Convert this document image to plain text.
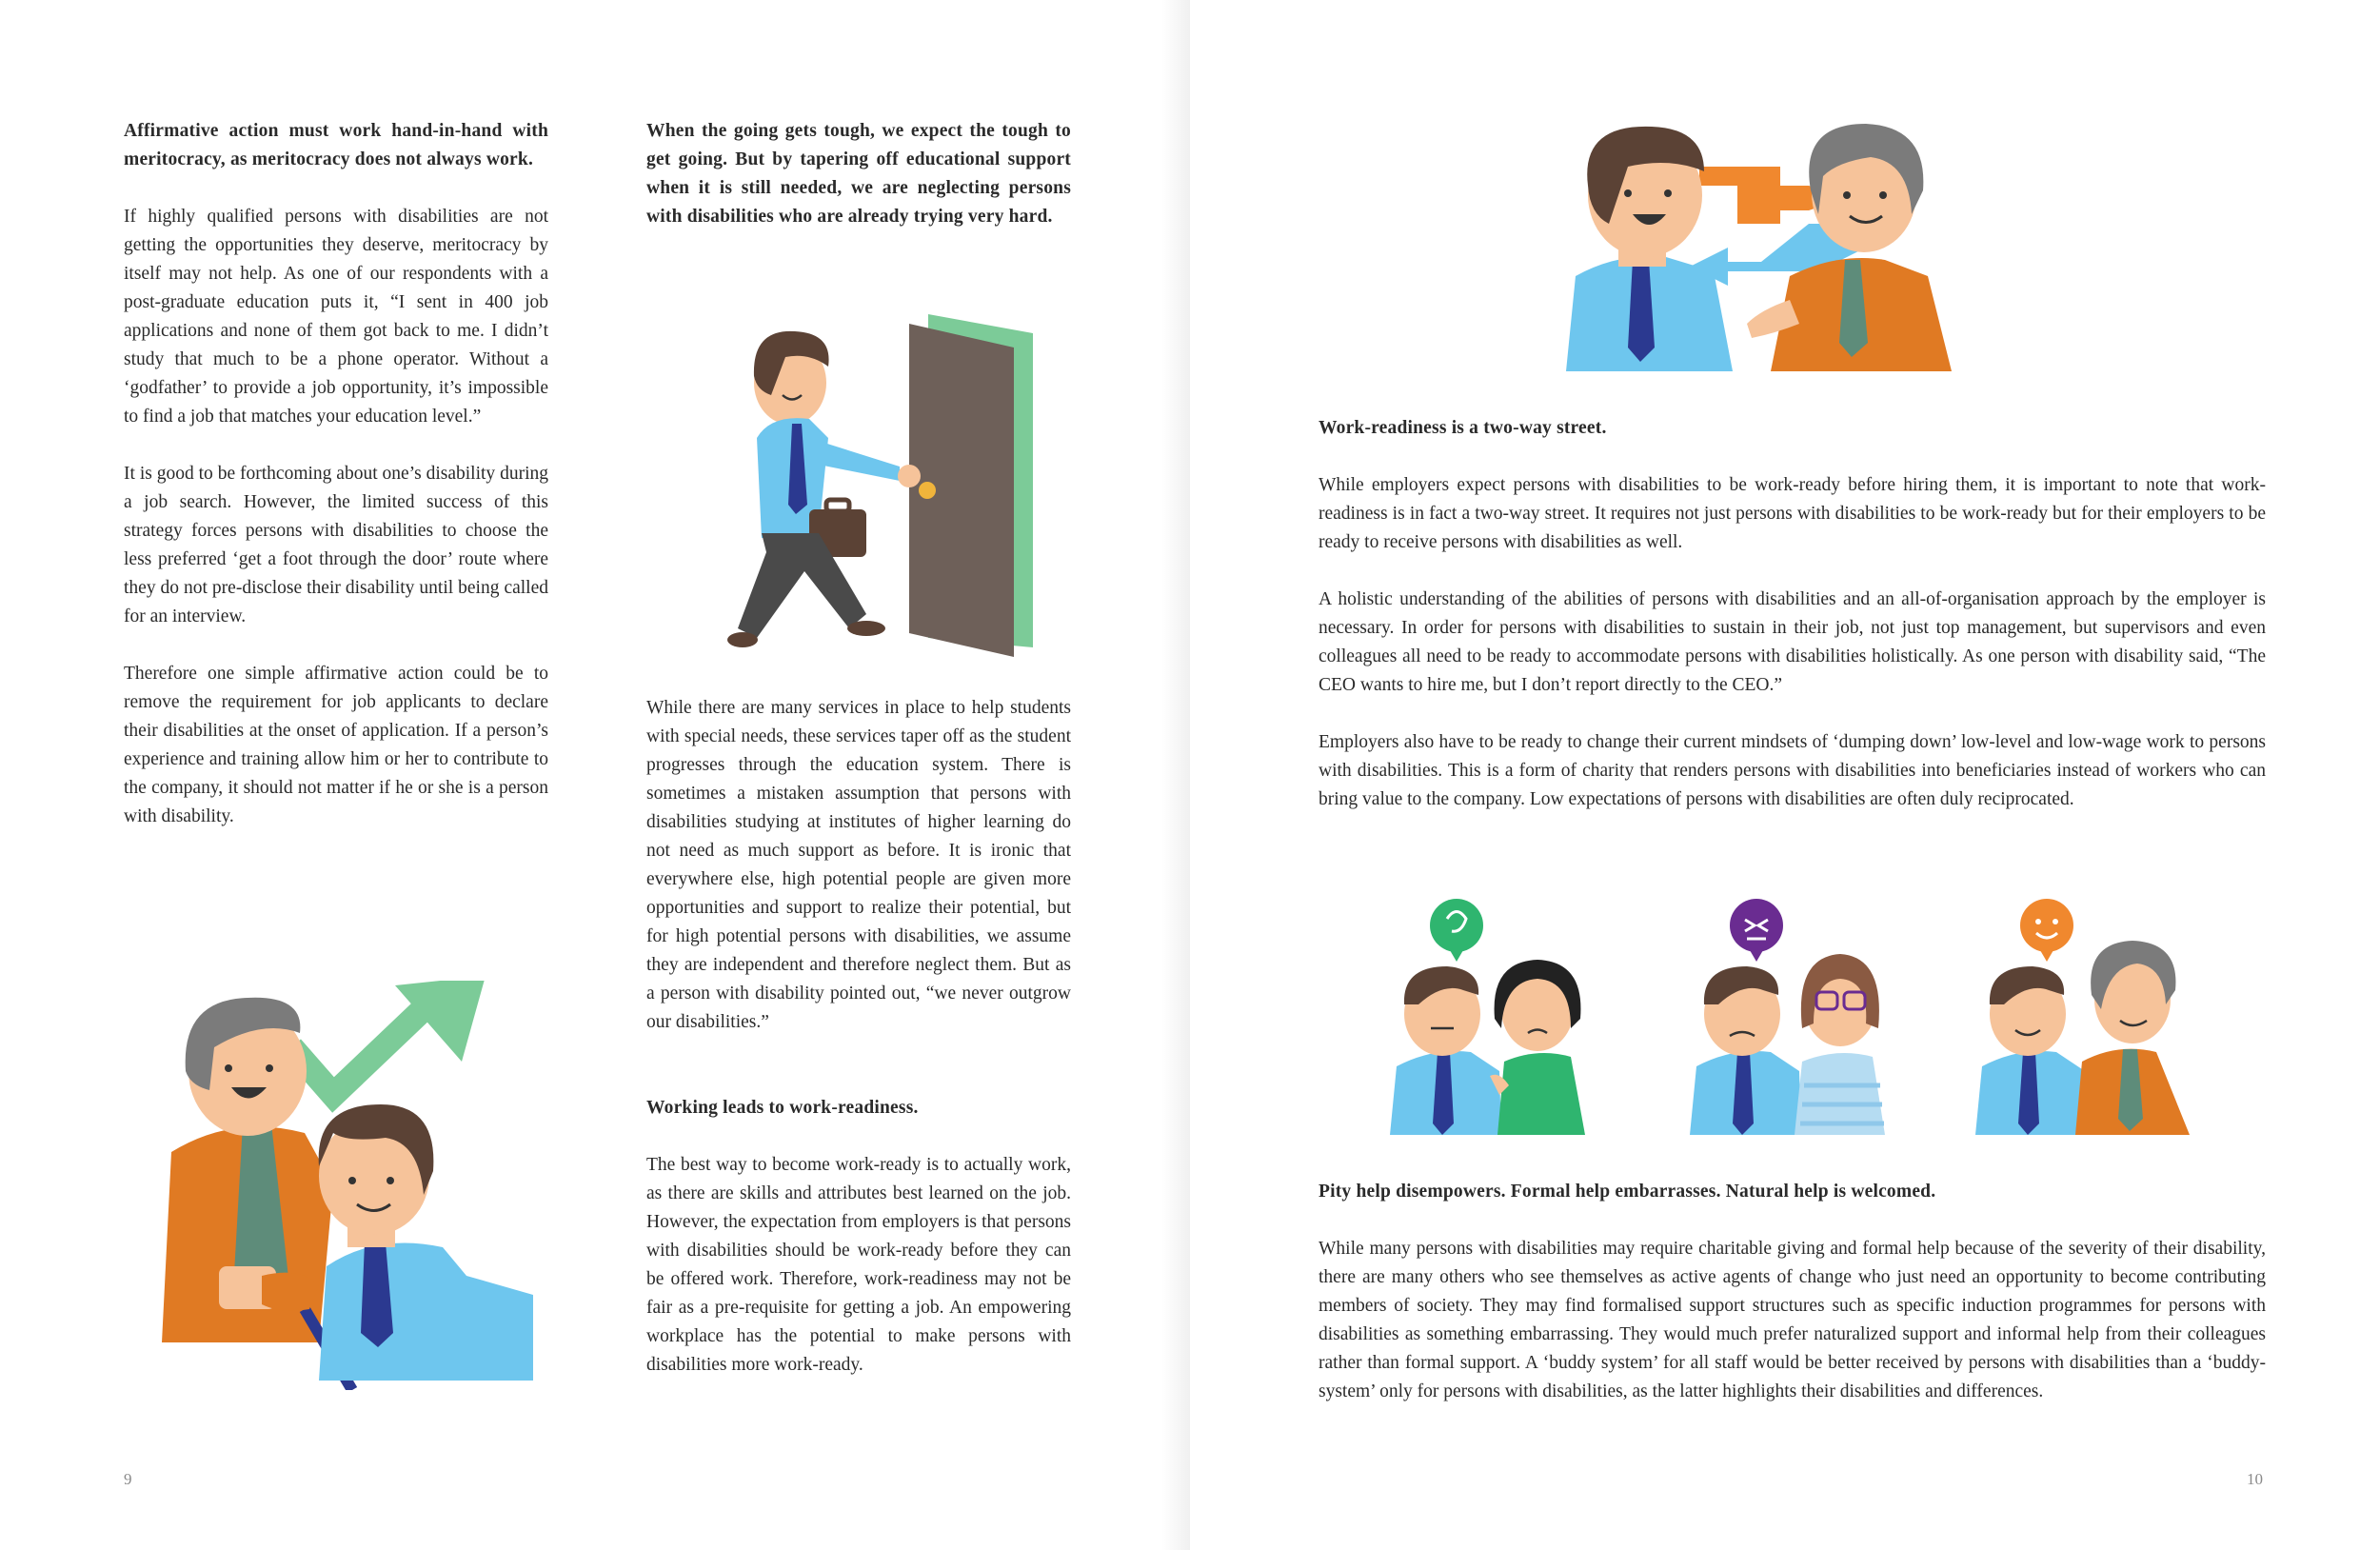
Affirmative action must work hand-in-hand with meritocracy, as meritocracy does not always work.

If highly qualified persons with disabilities are not getting the opportunities they deserve, meritocracy by itself may not help. As one of our respondents with a post-graduate education puts it, “I sent in 400 job applications and none of them got back to me. I didn’t study that much to be a phone operator. Without a ‘godfather’ to provide a job opportunity, it’s impossible to find a job that matches your education level.”

It is good to be forthcoming about one’s disability during a job search. However, the limited success of this strategy forces persons with disabilities to choose the less preferred ‘get a foot through the door’ route where they do not pre-disclose their disability until being called for an interview.

Therefore one simple affirmative action could be to remove the requirement for job applicants to declare their disabilities at the onset of application. If a person’s experience and training allow him or her to contribute to the company, it should not matter if he or she is a person with disability.

When the going gets tough, we expect the tough to get going. But by tapering off educational support when it is still needed, we are neglecting persons with disabilities who are already trying very hard.

While there are many services in place to help students with special needs, these services taper off as the student progresses through the education system. There is sometimes a mistaken assumption that persons with disabilities studying at institutes of higher learning do not need as much support as before. It is ironic that everywhere else, high potential people are given more opportunities and support to realize their potential, but for high potential persons with disabilities, we assume they are independent and therefore neglect them. But as a person with disability pointed out, “we never outgrow our disabilities.”

Working leads to work-readiness.

The best way to become work-ready is to actually work, as there are skills and attributes best learned on the job. However, the expectation from employers is that persons with disabilities should be work-ready before they can be offered work. Therefore, work-readiness may not be fair as a pre-requisite for getting a job. An empowering workplace has the potential to make persons with disabilities more work-ready.

Work-readiness is a two-way street.

While employers expect persons with disabilities to be work-ready before hiring them, it is important to note that work-readiness is in fact a two-way street. It requires not just persons with disabilities to be work-ready but for their employers to be ready to receive persons with disabilities as well.

A holistic understanding of the abilities of persons with disabilities and an all-of-organisation approach by the employer is necessary. In order for persons with disabilities to sustain in their job, not just top management, but supervisors and even colleagues all need to be ready to accommodate persons with disabilities holistically. As one person with disability said, “The CEO wants to hire me, but I don’t report directly to the CEO.”

Employers also have to be ready to change their current mindsets of ‘dumping down’ low-level and low-wage work to persons with disabilities. This is a form of charity that renders persons with disabilities into beneficiaries instead of workers who can bring value to the company. Low expectations of persons with disabilities are often duly reciprocated.

Pity help disempowers. Formal help embarrasses. Natural help is welcomed.

While many persons with disabilities may require charitable giving and formal help because of the severity of their disability, there are many others who see themselves as active agents of change who just need an opportunity to become contributing members of society. They may find formalised support structures such as specific induction programmes for persons with disabilities as something embarrassing. They would much prefer naturalized support and informal help from their colleagues rather than formal support. A ‘buddy system’ for all staff would be better received by persons with disabilities than a ‘buddy-system’ only for persons with disabilities, as the latter highlights their disabilities and differences.

10
9
